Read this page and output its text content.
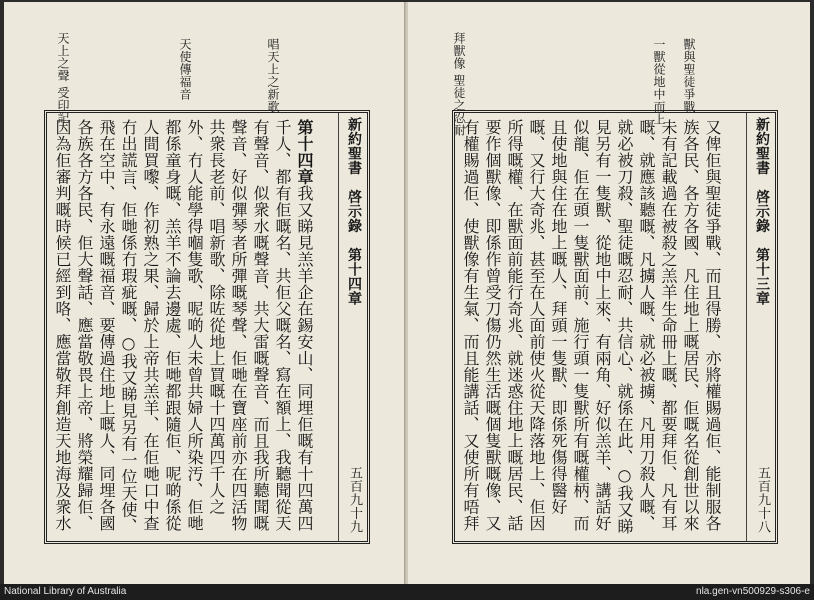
天上之聲 受印記	天使傳福音	唱天上之新歌
新約聖書　啓示錄　第十四章
五百九十九
第十四章我又睇見羔羊企在錫安山、同埋佢嘅有十四萬四千人、都有佢嘅名、共佢父嘅名、寫在額上、我聽聞從天有聲音、似衆水嘅聲音、共大雷嘅聲音、而且我所聽聞嘅聲音、好似彈琴者所彈嘅琴聲、佢哋在寶座前亦在四活物共衆長老前、唱新歌、除咗從地上買嘅十四萬四千人之外、冇人能學得嗰隻歌、呢啲人未曾共婦人所染汚、佢哋都係童身嘅、羔羊不論去邊處、佢哋都跟隨佢、呢啲係從人間買嚟、作初熟之果、歸於上帝共羔羊、在佢哋口中查冇出謊言、佢哋係冇瑕疵嘅、○我又睇見另有一位天使、飛在空中、有永遠嘅福音、要傳過住地上嘅人、同埋各國各族各方各民、佢大聲話、應當敬畏上帝、將榮耀歸佢、因為佢審判嘅時候已經到咯、應當敬拜創造天地海及衆水
拜獸像 聖徒之忍耐	一獸從地中而上	獸與聖徒爭戰
新約聖書　啓示錄　第十三章
五百九十八
又俾佢與聖徒爭戰、而且得勝、亦將權賜過佢、能制服各族各民、各方各國、凡住地上嘅居民、佢嘅名從創世以來未有記載過在被殺之羔羊生命冊上嘅、都要拜佢、凡有耳嘅、就應該聽嘅、凡擄人嘅、就必被擄、凡用刀殺人嘅、就必被刀殺、聖徒嘅忍耐、共信心、就係在此、○我又睇見另有一隻獸、從地中上來、有兩角、好似羔羊、講話好似龍、佢在頭一隻獸面前、施行頭一隻獸所有嘅權柄、而且使地與住在地上嘅人、拜頭一隻獸、即係死傷得醫好嘅、又行大奇兆、甚至在人面前使火從天降落地上、佢因所得嘅權、在獸面前能行奇兆、就迷惑住地上嘅居民、話要作個獸像、即係作曾受刀傷仍然生活嘅個隻獸嘅像、又有權賜過佢、使獸像有生氣、而且能講話、又使所有唔拜
National Library of Australia	nla.gen-vn500929-s306-e
